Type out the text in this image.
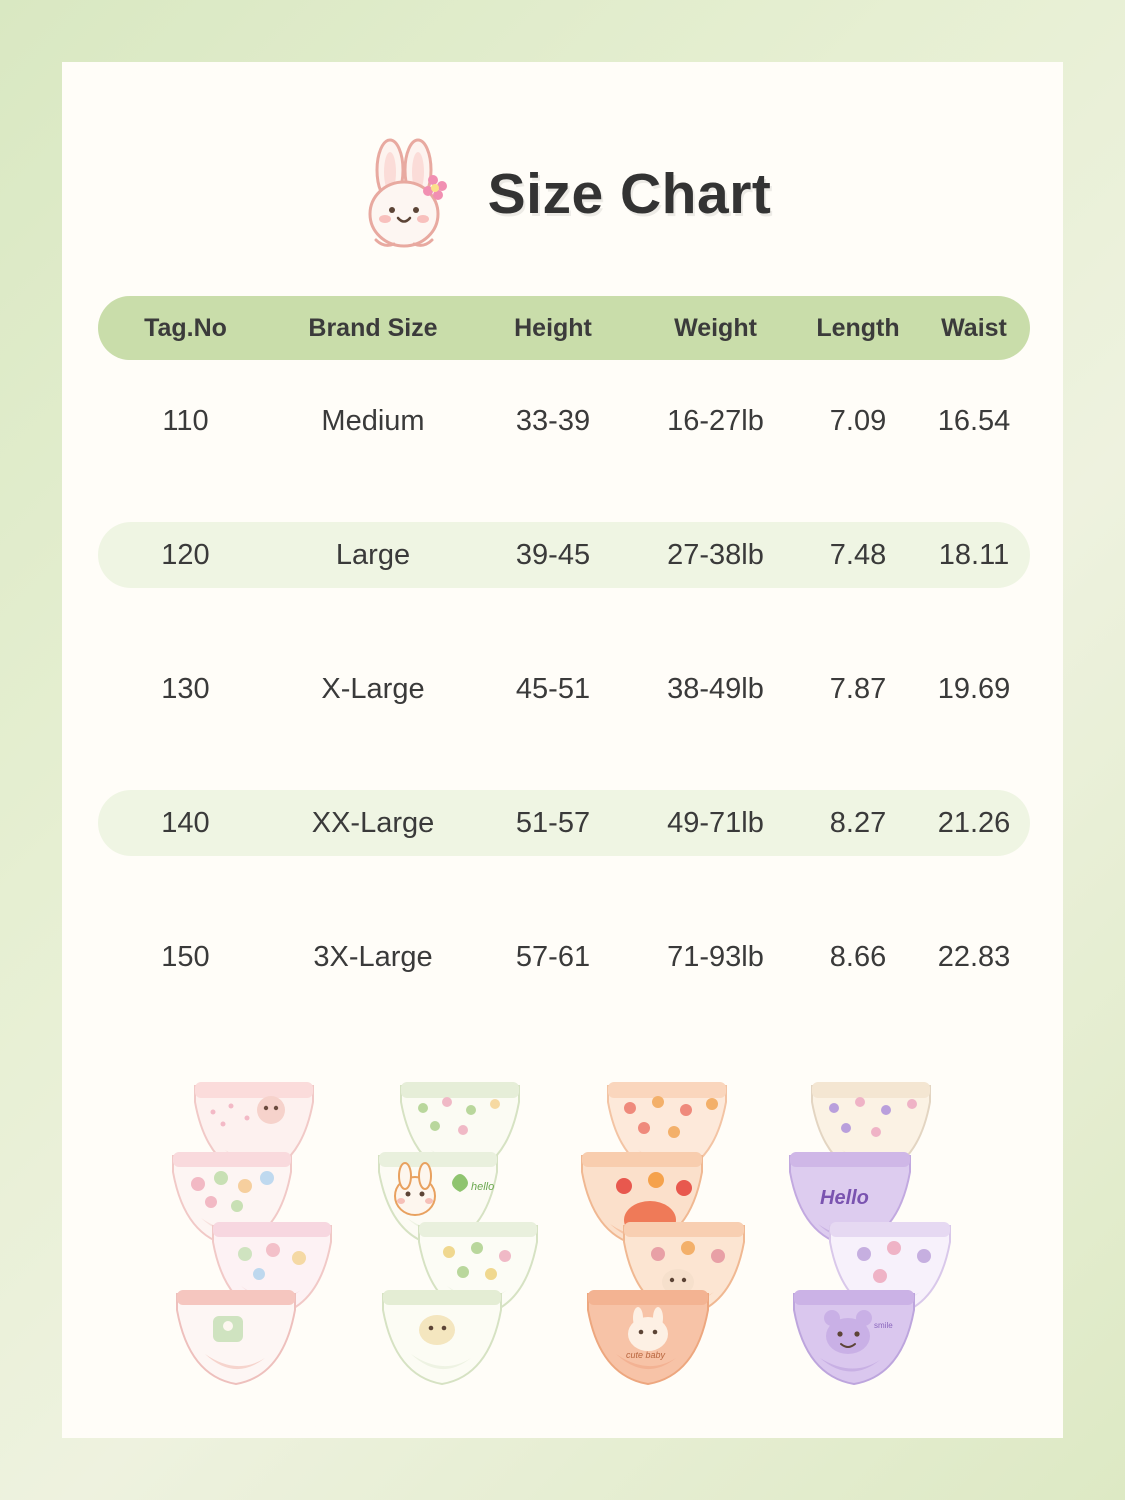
Size Chart
Tag.No	Brand Size	Height	Weight	Length	Waist
110	Medium	33-39	16-27lb	7.09	16.54
120	Large	39-45	27-38lb	7.48	18.11
130	X-Large	45-51	38-49lb	7.87	19.69
140	XX-Large	51-57	49-71lb	8.27	21.26
150	3X-Large	57-61	71-93lb	8.66	22.83
hello
cute baby
Hello
smile
